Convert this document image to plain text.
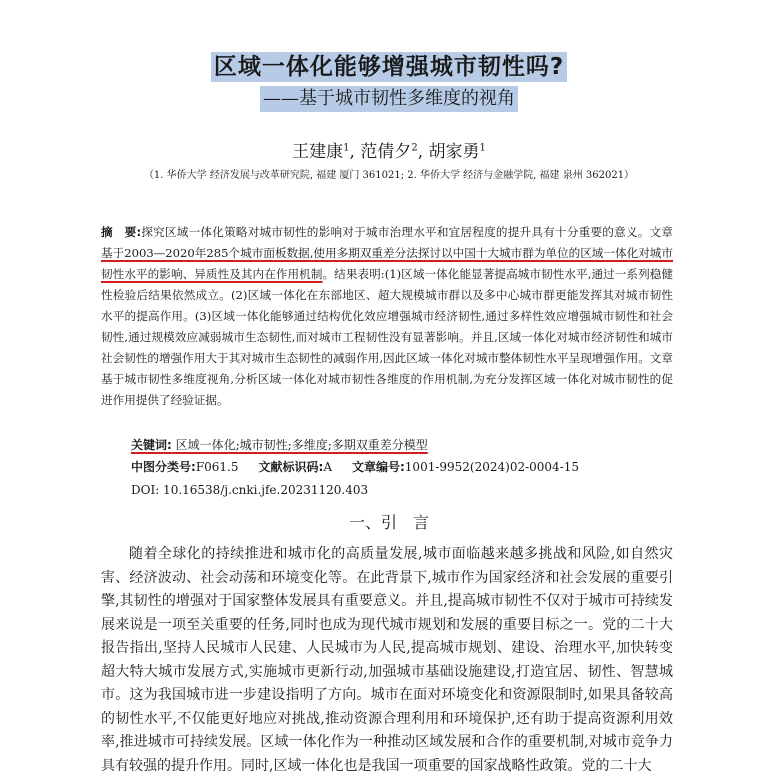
区域一体化能够增强城市韧性吗?
——基于城市韧性多维度的视角
王建康$^1$, 范倩夕$^2$, 胡家勇$^1$
（1. 华侨大学 经济发展与改革研究院, 福建 厦门 361021; 2. 华侨大学 经济与金融学院, 福建 泉州 362021）
摘　要:探究区域一体化策略对城市韧性的影响对于城市治理水平和宜居程度的提升具有十分重要的意义。文章基于2003—2020年285个城市面板数据,使用多期双重差分法探讨以中国十大城市群为单位的区域一体化对城市韧性水平的影响、异质性及其内在作用机制。结果表明:(1)区域一体化能显著提高城市韧性水平,通过一系列稳健性检验后结果依然成立。(2)区域一体化在东部地区、超大规模城市群以及多中心城市群更能发挥其对城市韧性水平的提高作用。(3)区域一体化能够通过结构优化效应增强城市经济韧性,通过多样性效应增强城市韧性和社会韧性,通过规模效应减弱城市生态韧性,而对城市工程韧性没有显著影响。并且,区域一体化对城市经济韧性和城市社会韧性的增强作用大于其对城市生态韧性的减弱作用,因此区域一体化对城市整体韧性水平呈现增强作用。文章基于城市韧性多维度视角,分析区域一体化对城市韧性各维度的作用机制,为充分发挥区域一体化对城市韧性的促进作用提供了经验证据。
关键词: 区域一体化;城市韧性;多维度;多期双重差分模型
中图分类号:F061.5 文献标识码:A 文章编号:1001-9952(2024)02-0004-15
DOI: 10.16538/j.cnki.jfe.20231120.403
一、引　言
随着全球化的持续推进和城市化的高质量发展,城市面临越来越多挑战和风险,如自然灾害、经济波动、社会动荡和环境变化等。在此背景下,城市作为国家经济和社会发展的重要引擎,其韧性的增强对于国家整体发展具有重要意义。并且,提高城市韧性不仅对于城市可持续发展来说是一项至关重要的任务,同时也成为现代城市规划和发展的重要目标之一。党的二十大报告指出,坚持人民城市人民建、人民城市为人民,提高城市规划、建设、治理水平,加快转变超大特大城市发展方式,实施城市更新行动,加强城市基础设施建设,打造宜居、韧性、智慧城市。这为我国城市进一步建设指明了方向。城市在面对环境变化和资源限制时,如果具备较高的韧性水平,不仅能更好地应对挑战,推动资源合理利用和环境保护,还有助于提高资源利用效率,推进城市可持续发展。区域一体化作为一种推动区域发展和合作的重要机制,对城市竞争力具有较强的提升作用。同时,区域一体化也是我国一项重要的国家战略性政策。党的二十大
